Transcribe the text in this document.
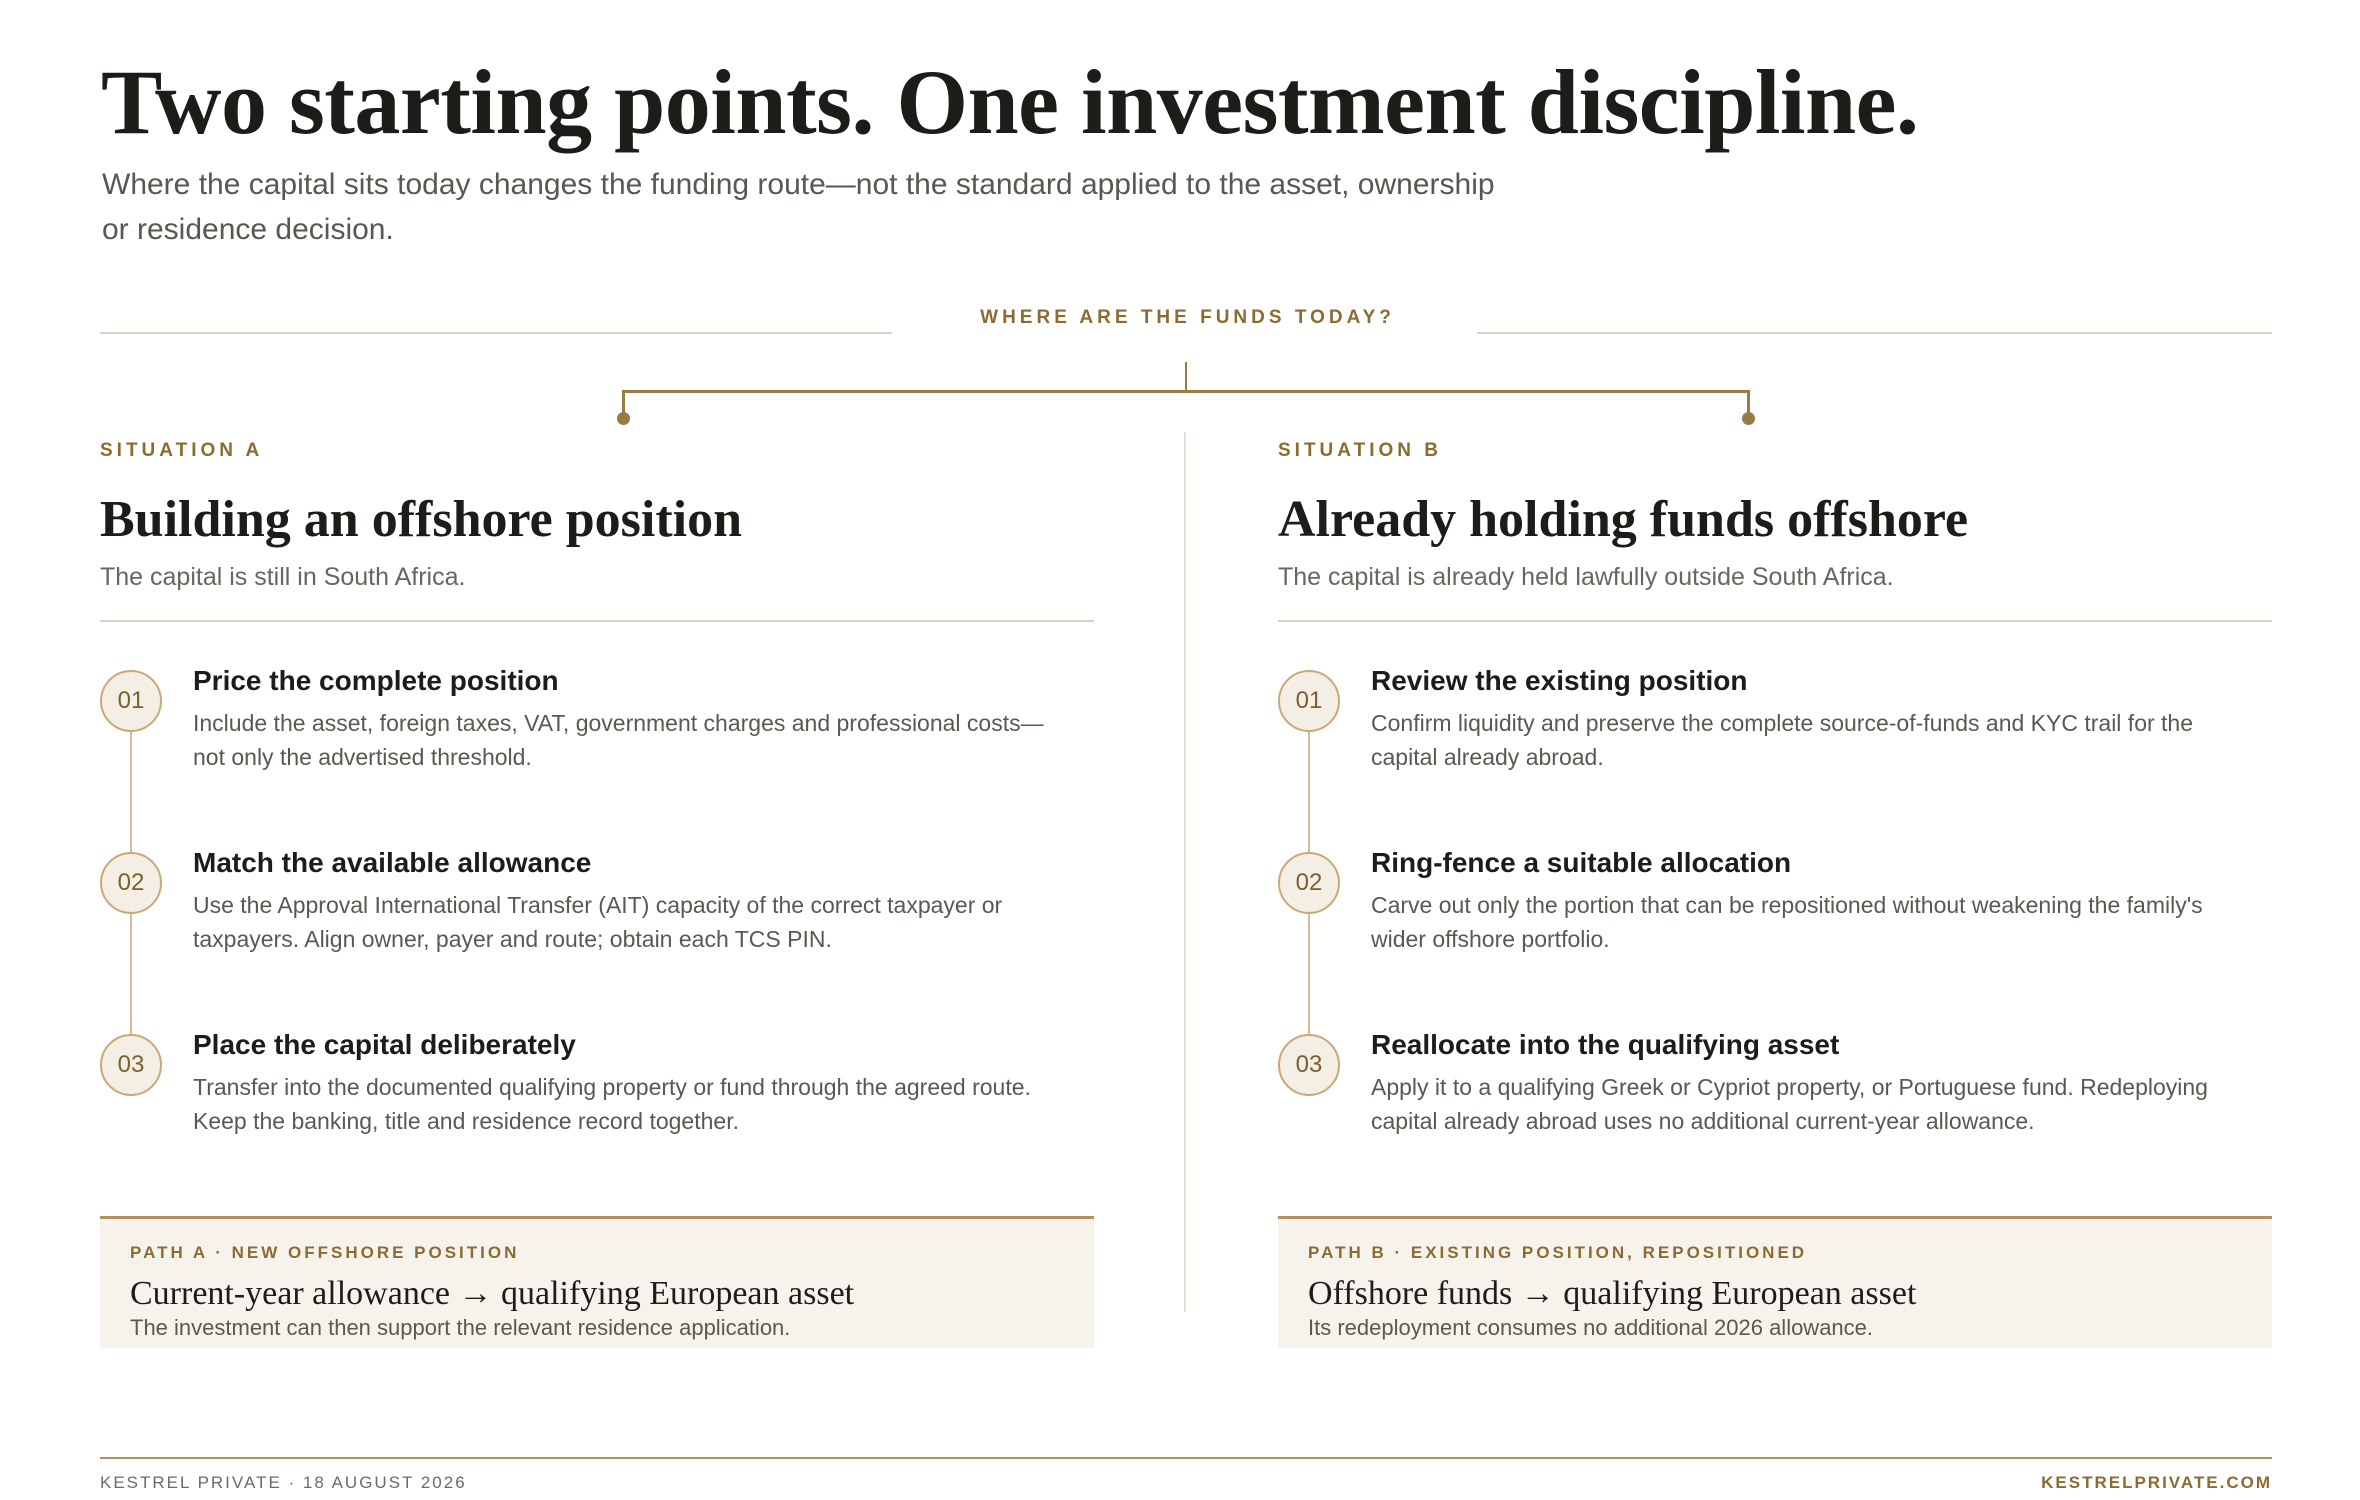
Two starting points. One investment discipline.

Where the capital sits today changes the funding route—not the standard applied to the asset, ownership or residence decision.

WHERE ARE THE FUNDS TODAY?
SITUATION A
Building an offshore position

The capital is still in South Africa.

01
Price the complete position
Include the asset, foreign taxes, VAT, government charges and professional costs—not only the advertised threshold.
02
Match the available allowance
Use the Approval International Transfer (AIT) capacity of the correct taxpayer or taxpayers. Align owner, payer and route; obtain each TCS PIN.
03
Place the capital deliberately
Transfer into the documented qualifying property or fund through the agreed route. Keep the banking, title and residence record together.
SITUATION B
Already holding funds offshore

The capital is already held lawfully outside South Africa.

01
Review the existing position
Confirm liquidity and preserve the complete source-of-funds and KYC trail for the capital already abroad.
02
Ring-fence a suitable allocation
Carve out only the portion that can be repositioned without weakening the family's wider offshore portfolio.
03
Reallocate into the qualifying asset
Apply it to a qualifying Greek or Cypriot property, or Portuguese fund. Redeploying capital already abroad uses no additional current-year allowance.
PATH A · NEW OFFSHORE POSITION
Current-year allowance → qualifying European asset
The investment can then support the relevant residence application.
PATH B · EXISTING POSITION, REPOSITIONED
Offshore funds → qualifying European asset
Its redeployment consumes no additional 2026 allowance.
KESTREL PRIVATE · 18 AUGUST 2026	KESTRELPRIVATE.COM
